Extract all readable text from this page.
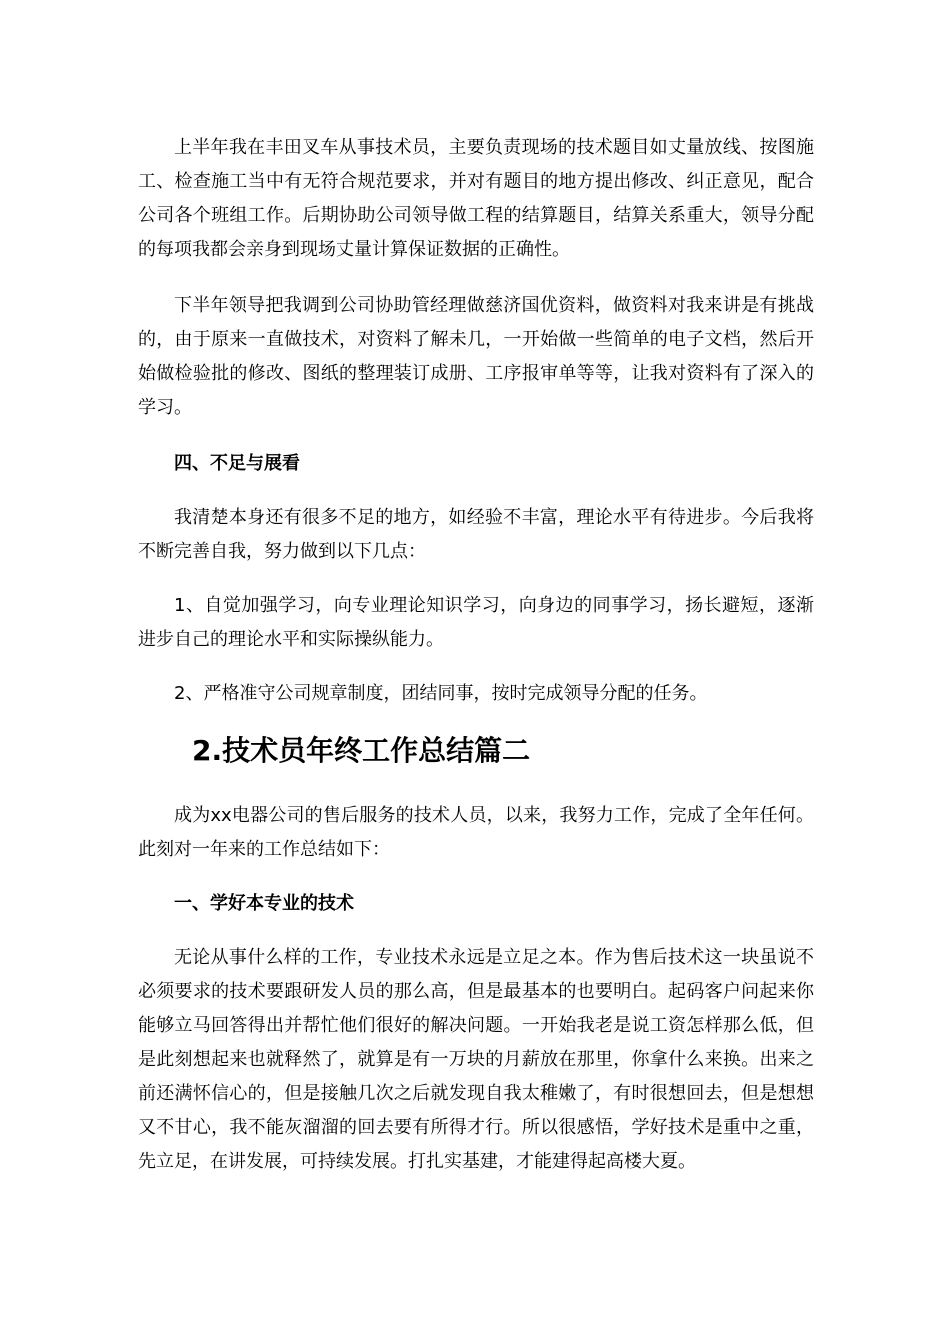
上半年我在丰田叉车从事技术员，主要负责现场的技术题目如丈量放线、按图施工、检查施工当中有无符合规范要求，并对有题目的地方提出修改、纠正意见，配合公司各个班组工作。后期协助公司领导做工程的结算题目，结算关系重大，领导分配的每项我都会亲身到现场丈量计算保证数据的正确性。

下半年领导把我调到公司协助管经理做慈济国优资料，做资料对我来讲是有挑战的，由于原来一直做技术，对资料了解未几，一开始做一些简单的电子文档，然后开始做检验批的修改、图纸的整理装订成册、工序报审单等等，让我对资料有了深入的学习。

四、不足与展看

我清楚本身还有很多不足的地方，如经验不丰富，理论水平有待进步。今后我将不断完善自我，努力做到以下几点：

1、自觉加强学习，向专业理论知识学习，向身边的同事学习，扬长避短，逐渐进步自己的理论水平和实际操纵能力。

2、严格准守公司规章制度，团结同事，按时完成领导分配的任务。

2.技术员年终工作总结篇二

成为xx电器公司的售后服务的技术人员，以来，我努力工作，完成了全年任何。此刻对一年来的工作总结如下：

一、学好本专业的技术

无论从事什么样的工作，专业技术永远是立足之本。作为售后技术这一块虽说不必须要求的技术要跟研发人员的那么高，但是最基本的也要明白。起码客户问起来你能够立马回答得出并帮忙他们很好的解决问题。一开始我老是说工资怎样那么低，但是此刻想起来也就释然了，就算是有一万块的月薪放在那里，你拿什么来换。出来之前还满怀信心的，但是接触几次之后就发现自我太稚嫩了，有时很想回去，但是想想又不甘心，我不能灰溜溜的回去要有所得才行。所以很感悟，学好技术是重中之重，先立足，在讲发展，可持续发展。打扎实基建，才能建得起高楼大夏。
